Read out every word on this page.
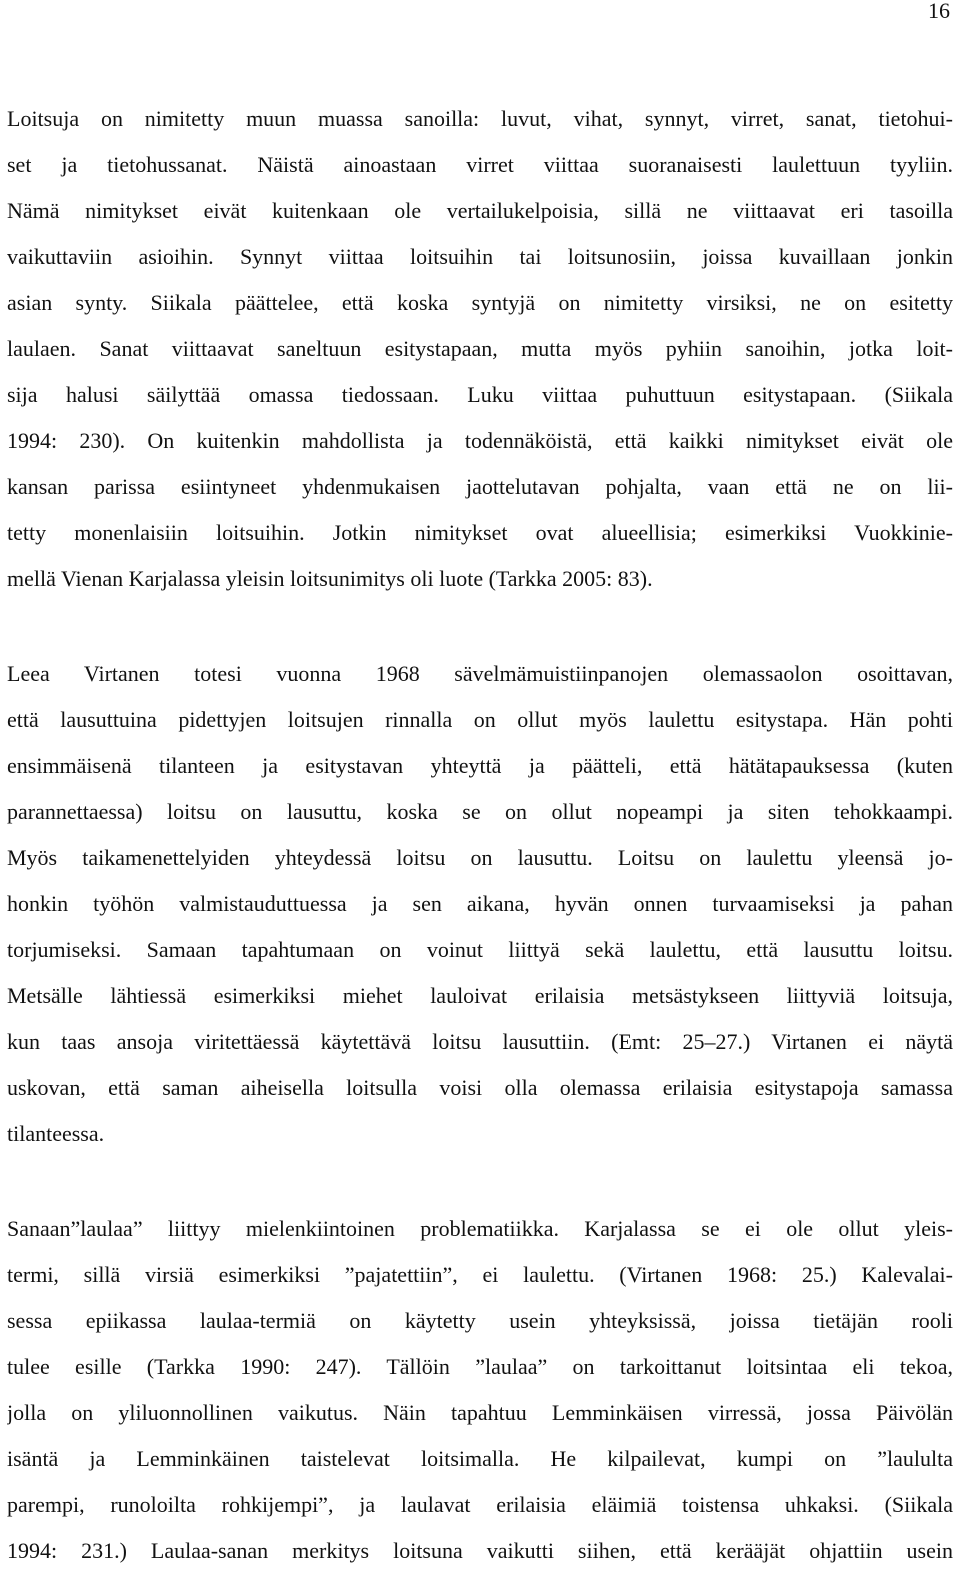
16
Loitsuja on nimitetty muun muassa sanoilla: luvut, vihat, synnyt, virret, sanat, tietohui-
set ja tietohussanat. Näistä ainoastaan virret viittaa suoranaisesti laulettuun tyyliin.
Nämä nimitykset eivät kuitenkaan ole vertailukelpoisia, sillä ne viittaavat eri tasoilla
vaikuttaviin asioihin. Synnyt viittaa loitsuihin tai loitsunosiin, joissa kuvaillaan jonkin
asian synty. Siikala päättelee, että koska syntyjä on nimitetty virsiksi, ne on esitetty
laulaen. Sanat viittaavat saneltuun esitystapaan, mutta myös pyhiin sanoihin, jotka loit-
sija halusi säilyttää omassa tiedossaan. Luku viittaa puhuttuun esitystapaan. (Siikala
1994: 230). On kuitenkin mahdollista ja todennäköistä, että kaikki nimitykset eivät ole
kansan parissa esiintyneet yhdenmukaisen jaottelutavan pohjalta, vaan että ne on lii-
tetty monenlaisiin loitsuihin. Jotkin nimitykset ovat alueellisia; esimerkiksi Vuokkinie-
mellä Vienan Karjalassa yleisin loitsunimitys oli luote (Tarkka 2005: 83).
Leea Virtanen totesi vuonna 1968 sävelmämuistiinpanojen olemassaolon osoittavan,
että lausuttuina pidettyjen loitsujen rinnalla on ollut myös laulettu esitystapa. Hän pohti
ensimmäisenä tilanteen ja esitystavan yhteyttä ja päätteli, että hätätapauksessa (kuten
parannettaessa) loitsu on lausuttu, koska se on ollut nopeampi ja siten tehokkaampi.
Myös taikamenettelyiden yhteydessä loitsu on lausuttu. Loitsu on laulettu yleensä jo-
honkin työhön valmistauduttuessa ja sen aikana, hyvän onnen turvaamiseksi ja pahan
torjumiseksi. Samaan tapahtumaan on voinut liittyä sekä laulettu, että lausuttu loitsu.
Metsälle lähtiessä esimerkiksi miehet lauloivat erilaisia metsästykseen liittyviä loitsuja,
kun taas ansoja viritettäessä käytettävä loitsu lausuttiin. (Emt: 25–27.) Virtanen ei näytä
uskovan, että saman aiheisella loitsulla voisi olla olemassa erilaisia esitystapoja samassa
tilanteessa.
Sanaan”laulaa” liittyy mielenkiintoinen problematiikka. Karjalassa se ei ole ollut yleis-
termi, sillä virsiä esimerkiksi ”pajatettiin”, ei laulettu. (Virtanen 1968: 25.) Kalevalai-
sessa epiikassa laulaa-termiä on käytetty usein yhteyksissä, joissa tietäjän rooli
tulee esille (Tarkka 1990: 247). Tällöin ”laulaa” on tarkoittanut loitsintaa eli tekoa,
jolla on yliluonnollinen vaikutus. Näin tapahtuu Lemminkäisen virressä, jossa Päivölän
isäntä ja Lemminkäinen taistelevat loitsimalla. He kilpailevat, kumpi on ”laululta
parempi, runoloilta rohkijempi”, ja laulavat erilaisia eläimiä toistensa uhkaksi. (Siikala
1994: 231.) Laulaa-sanan merkitys loitsuna vaikutti siihen, että kerääjät ohjattiin usein
